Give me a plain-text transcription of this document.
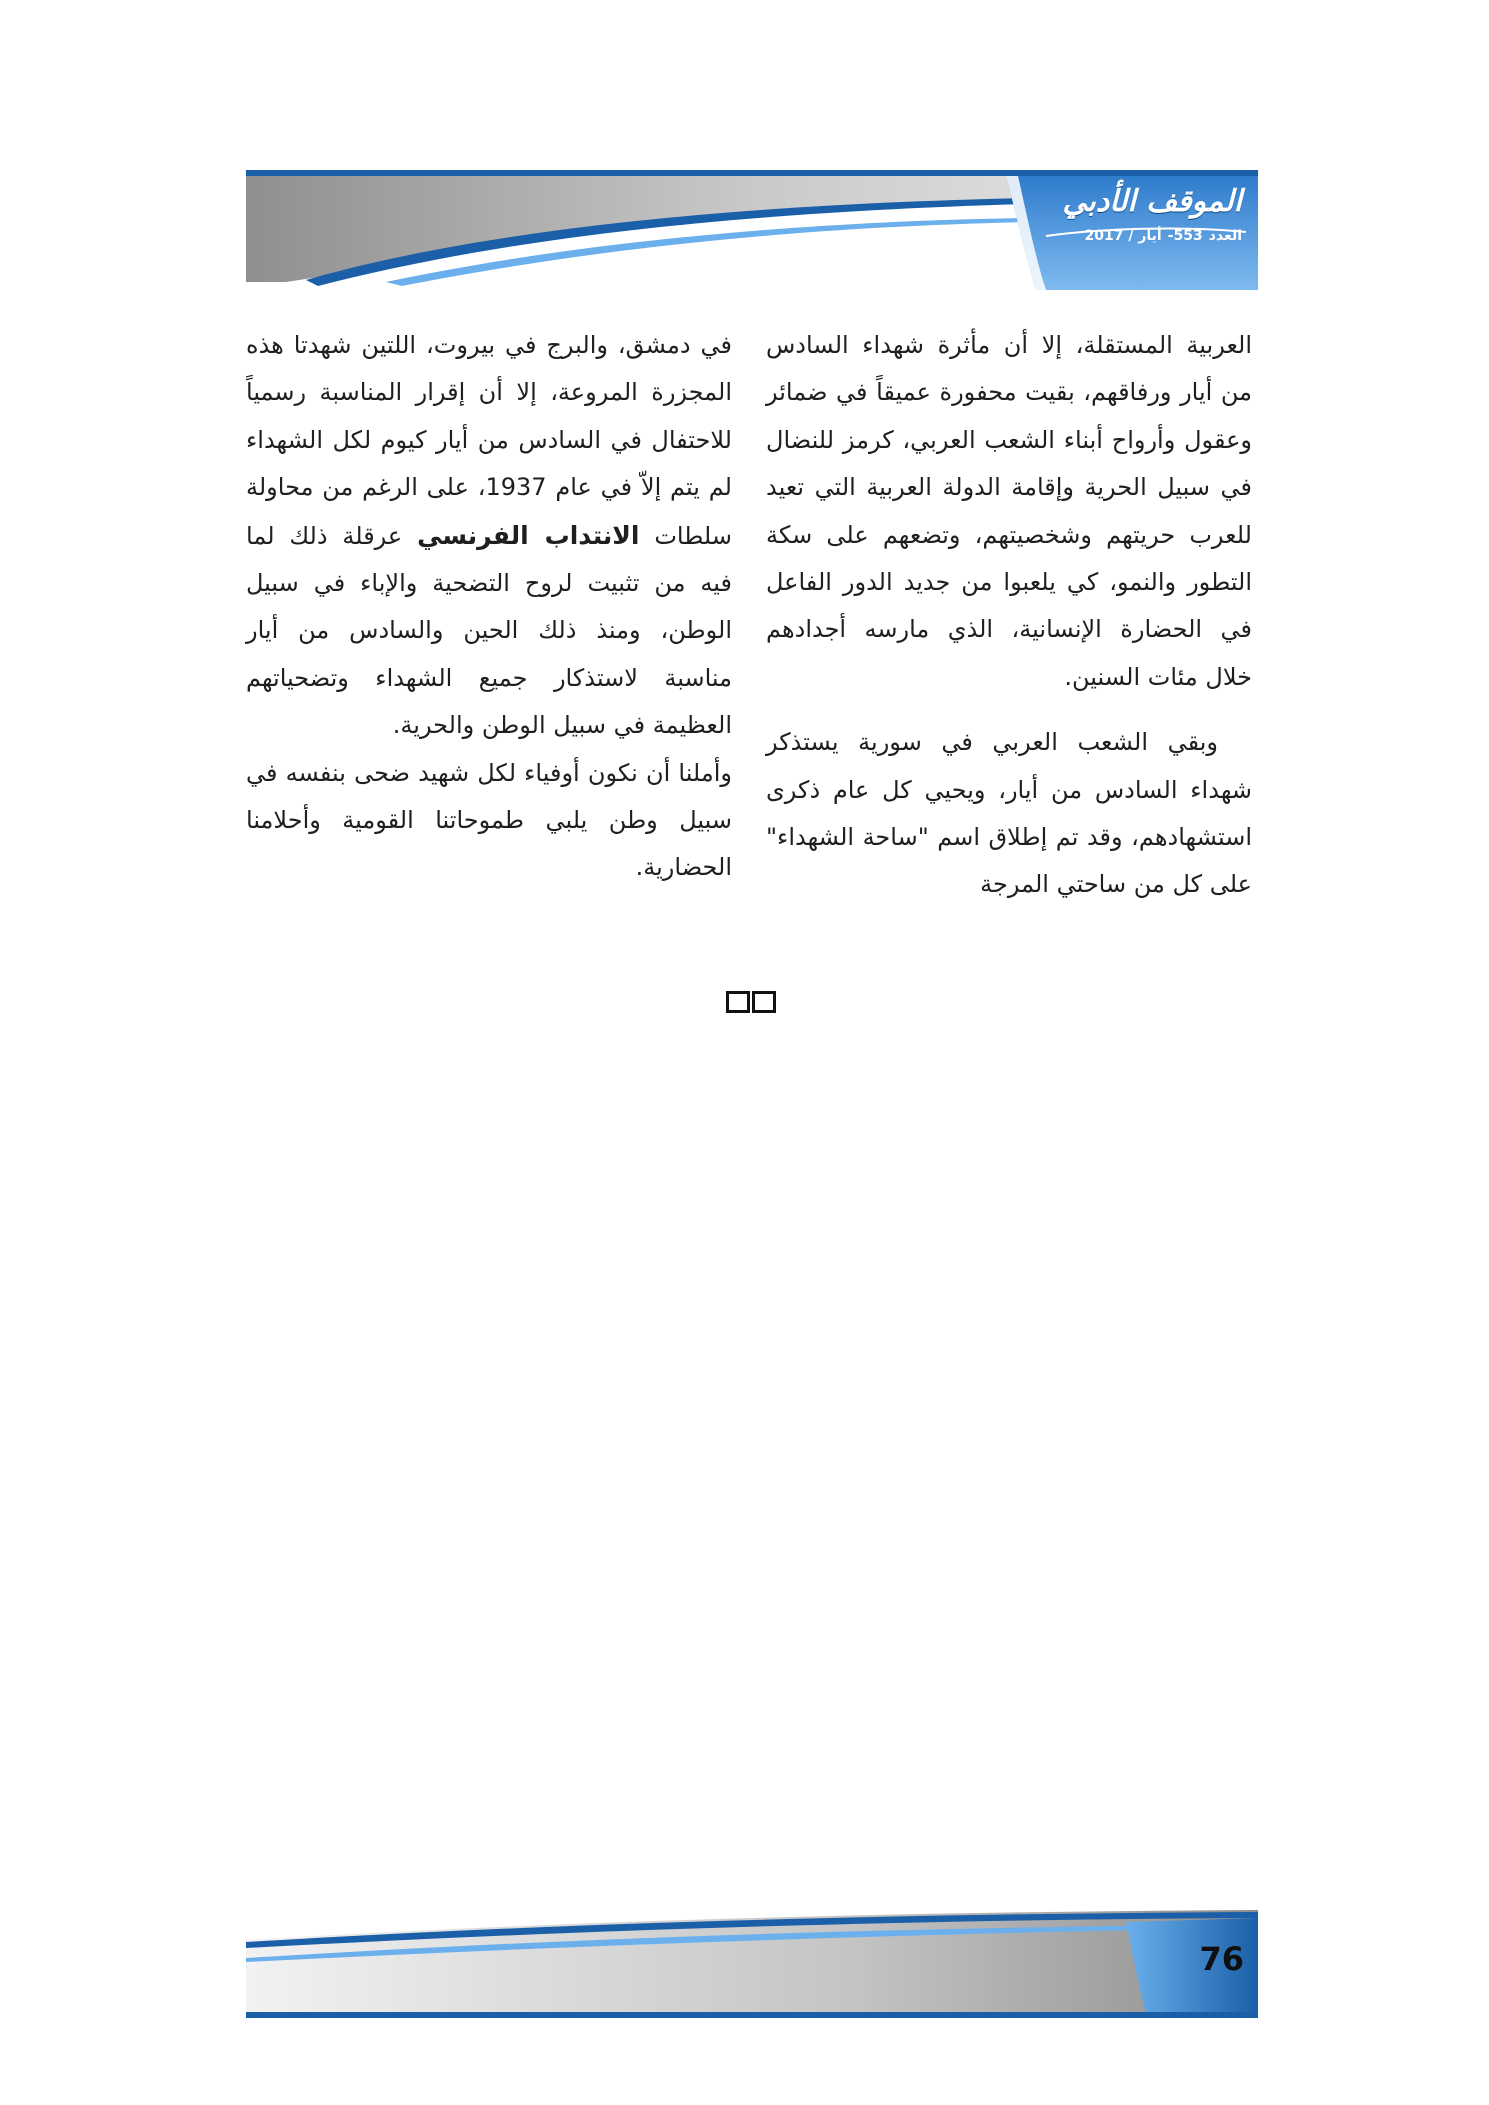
الموقف الأدبي
العدد553-أيار / 2017

العربية المستقلة، إلا أن مأثرة شهداء السادس من أيار ورفاقهم، بقيت محفورة عميقاً في ضمائر وعقول وأرواح أبناء الشعب العربي، كرمز للنضال في سبيل الحرية وإقامة الدولة العربية التي تعيد للعرب حريتهم وشخصيتهم، وتضعهم على سكة التطور والنمو، كي يلعبوا من جديد الدور الفاعل في الحضارة الإنسانية، الذي مارسه أجدادهم خلال مئات السنين.

وبقي الشعب العربي في سورية يستذكر شهداء السادس من أيار، ويحيي كل عام ذكرى استشهادهم، وقد تم إطلاق اسم "ساحة الشهداء" على كل من ساحتي المرجة

في دمشق، والبرج في بيروت، اللتين شهدتا هذه المجزرة المروعة، إلا أن إقرار المناسبة رسمياً للاحتفال في السادس من أيار كيوم لكل الشهداء لم يتم إلاّ في عام 1937، على الرغم من محاولة سلطات الانتداب الفرنسي عرقلة ذلك لما فيه من تثبيت لروح التضحية والإباء في سبيل الوطن، ومنذ ذلك الحين والسادس من أيار مناسبة لاستذكار جميع الشهداء وتضحياتهم العظيمة في سبيل الوطن والحرية.

وأملنا أن نكون أوفياء لكل شهيد ضحى بنفسه في سبيل وطن يلبي طموحاتنا القومية وأحلامنا الحضارية.

76
